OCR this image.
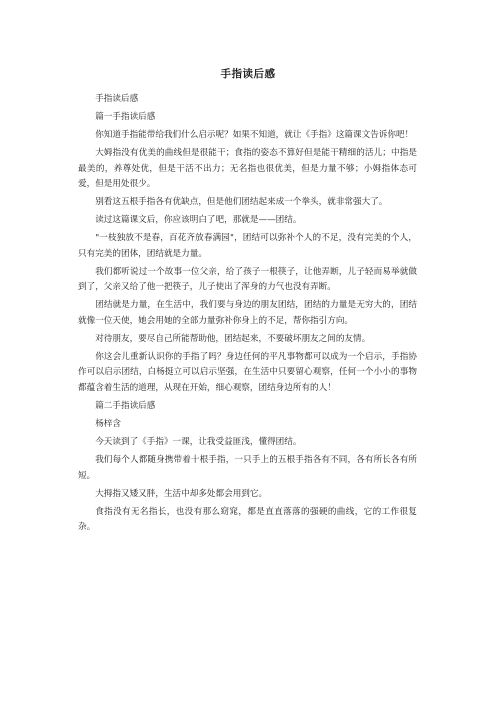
手指读后感

手指读后感

篇一手指读后感

你知道手指能带给我们什么启示呢？如果不知道，就让《手指》这篇课文告诉你吧！

大姆指没有优美的曲线但是很能干；食指的姿态不算好但是能干精细的活儿；中指是最美的，养尊处优，但是干活不出力；无名指也很优美，但是力量不够；小姆指体态可爱，但是用处很少。

别看这五根手指各有优缺点，但是他们团结起来成一个拳头，就非常强大了。

读过这篇课文后，你应该明白了吧，那就是——团结。

"一枝独放不是春，百花齐放春满园"，团结可以弥补个人的不足，没有完美的个人，只有完美的团体，团结就是力量。

我们都听说过一个故事一位父亲，给了孩子一根筷子，让他弄断，儿子轻而易举就做到了，父亲又给了他一把筷子，儿子使出了浑身的力气也没有弄断。

团结就是力量，在生活中，我们要与身边的朋友团结，团结的力量是无穷大的，团结就像一位天使，她会用她的全部力量弥补你身上的不足，帮你指引方向。

对待朋友，要尽自己所能帮助他，团结起来，不要破坏朋友之间的友情。

你这会儿重新认识你的手指了吗？身边任何的平凡事物都可以成为一个启示，手指协作可以启示团结，白杨挺立可以启示坚强，在生活中只要留心观察，任何一个小小的事物都蕴含着生活的道理，从现在开始，细心观察，团结身边所有的人！

篇二手指读后感

杨梓含

今天读到了《手指》一课，让我受益匪浅，懂得团结。

我们每个人都随身携带着十根手指，一只手上的五根手指各有不同，各有所长各有所短。

大拇指又矮又胖，生活中却多处都会用到它。

食指没有无名指长，也没有那么窈窕，都是直直落落的强硬的曲线，它的工作很复杂。
